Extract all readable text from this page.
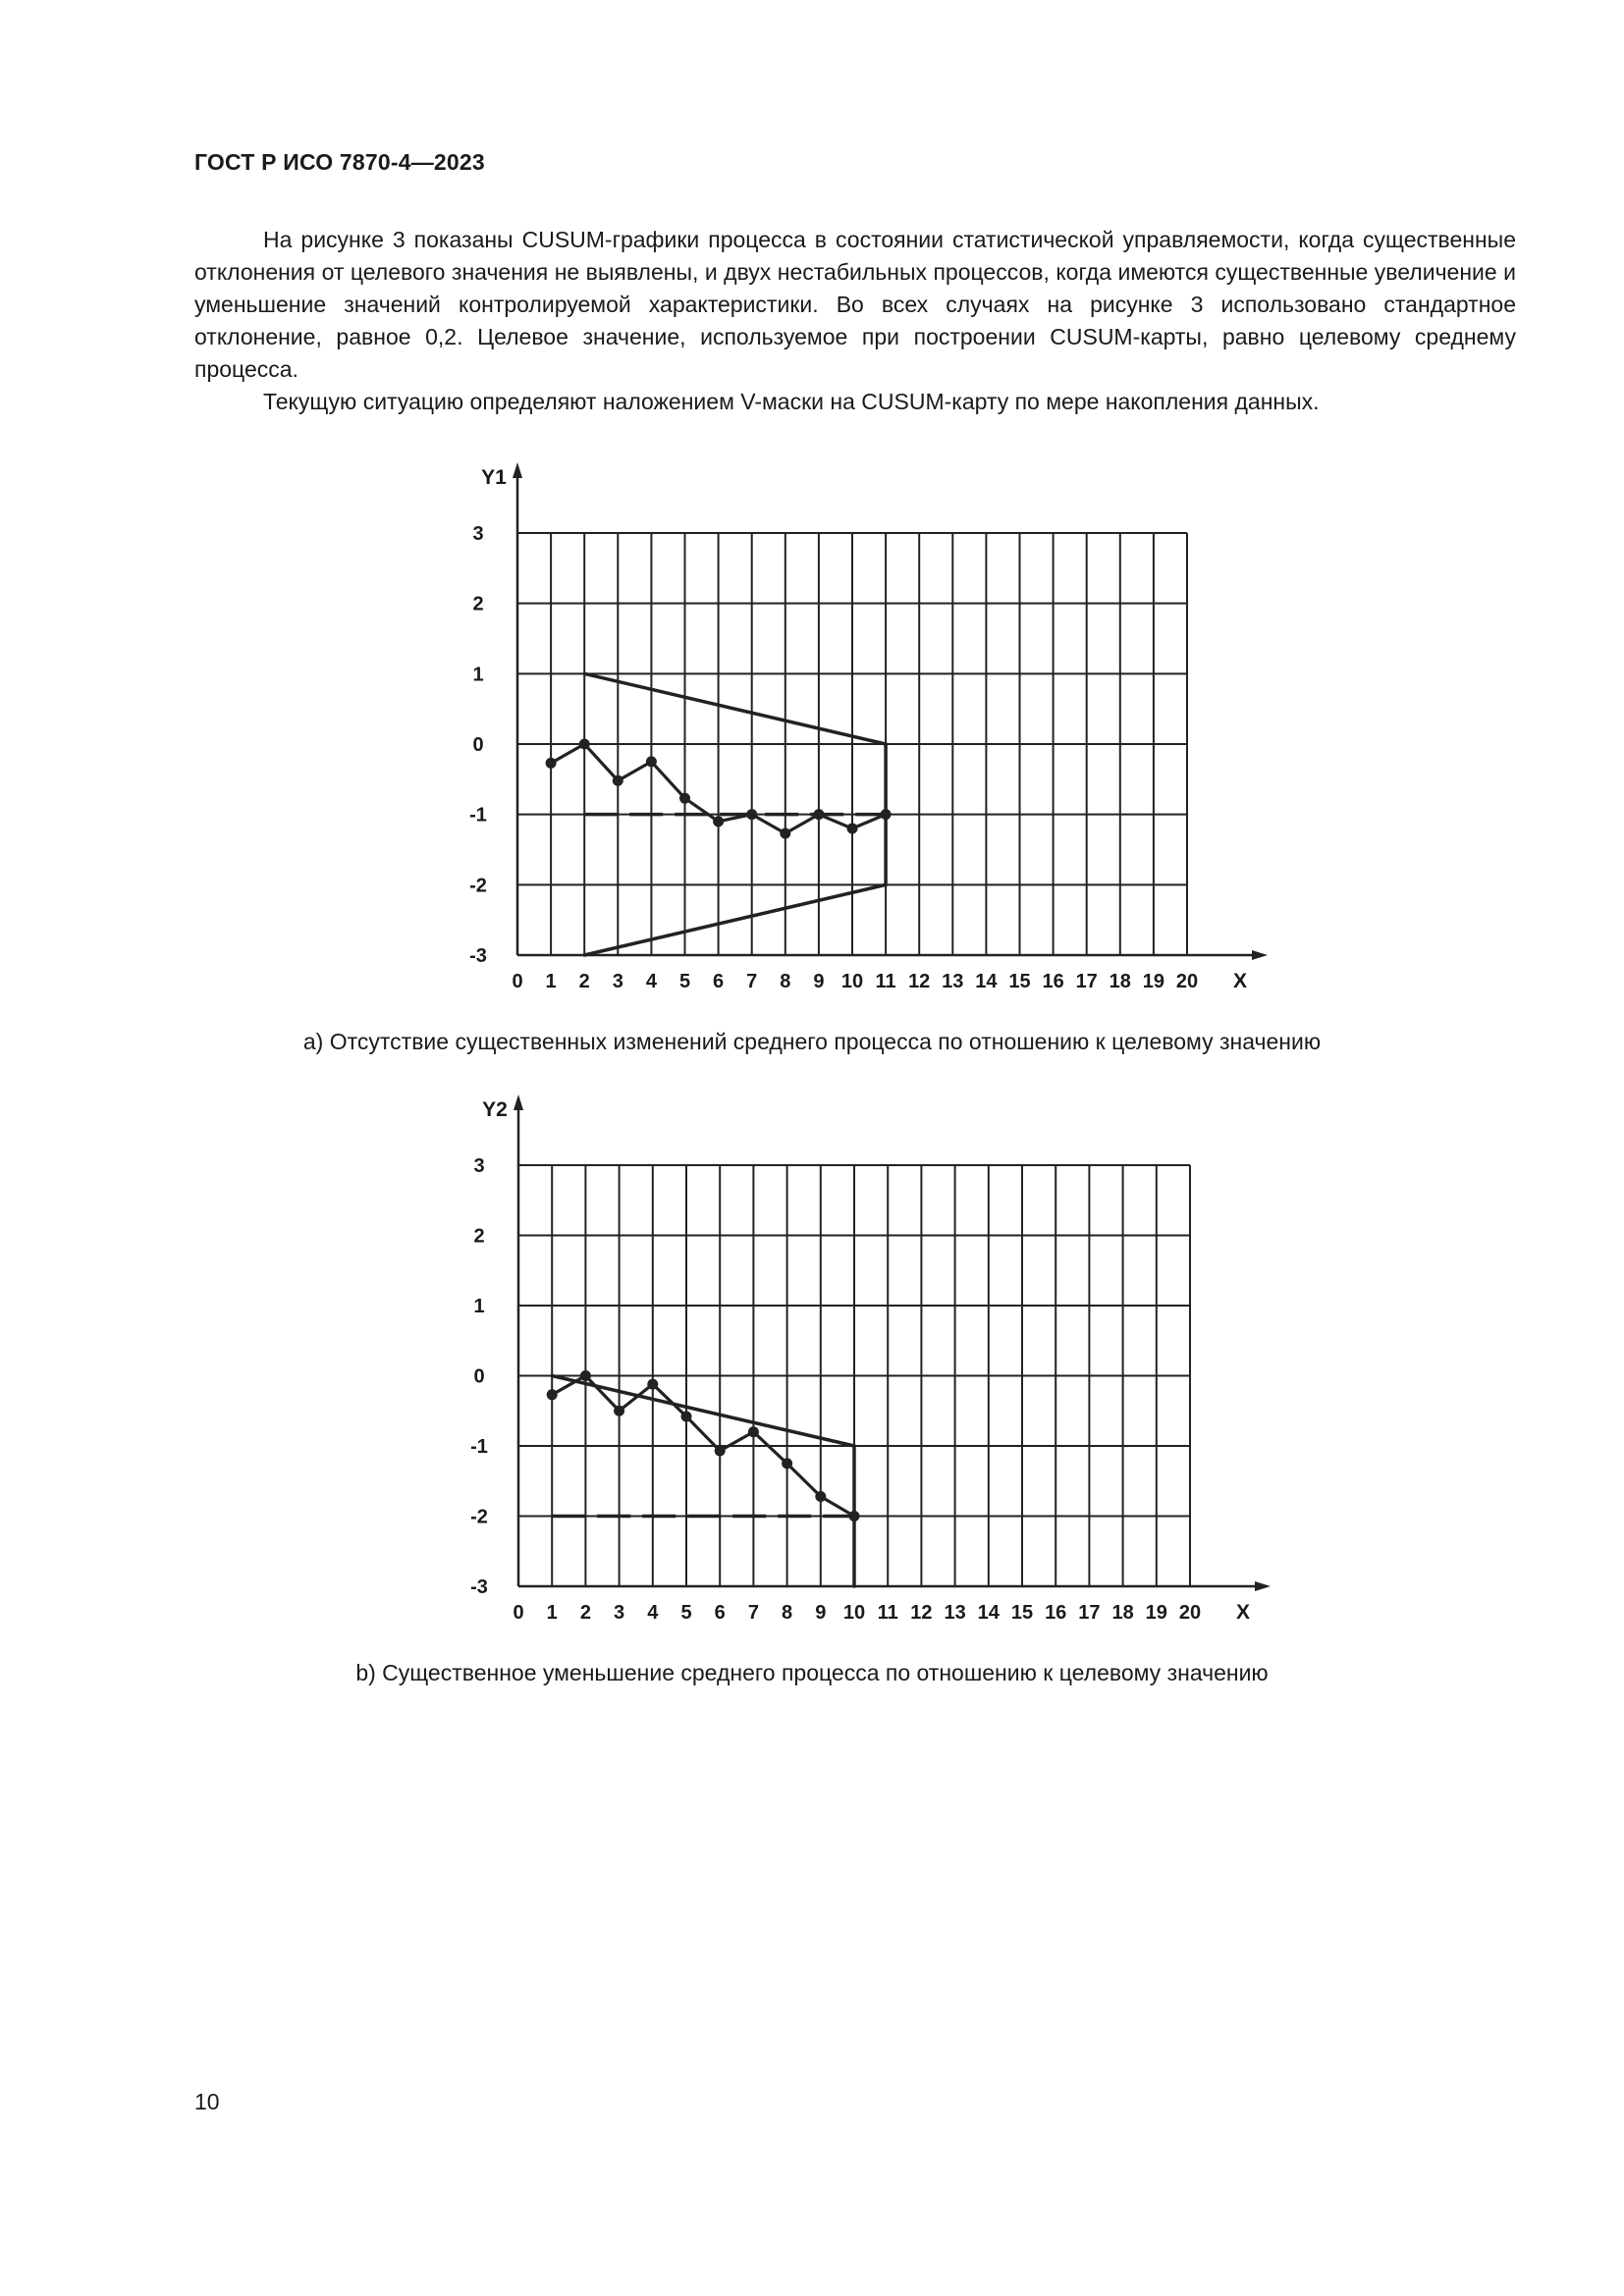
ГОСТ Р ИСО 7870-4—2023

На рисунке 3 показаны CUSUM-графики процесса в состоянии статистической управляемости, когда существенные отклонения от целевого значения не выявлены, и двух нестабильных процессов, когда имеются существенные увеличение и уменьшение значений контролируемой характеристики. Во всех случаях на рисунке 3 использовано стандартное отклонение, равное 0,2. Целевое значение, используемое при построении CUSUM-карты, равно целевому среднему процесса.

Текущую ситуацию определяют наложением V-маски на CUSUM-карту по мере накопления данных.

Y1
X
0 1 2 3 4 5 6 7 8 9 10 11 12 13 14 15 16 17 18 19 20
3
2
1
0
-1
-2
-3
Y2
X
0 1 2 3 4 5 6 7 8 9 10 11 12 13 14 15 16 17 18 19 20
3
2
1
0
-1
-2
-3
а) Отсутствие существенных изменений среднего процесса по отношению к целевому значению
b) Существенное уменьшение среднего процесса по отношению к целевому значению
10
